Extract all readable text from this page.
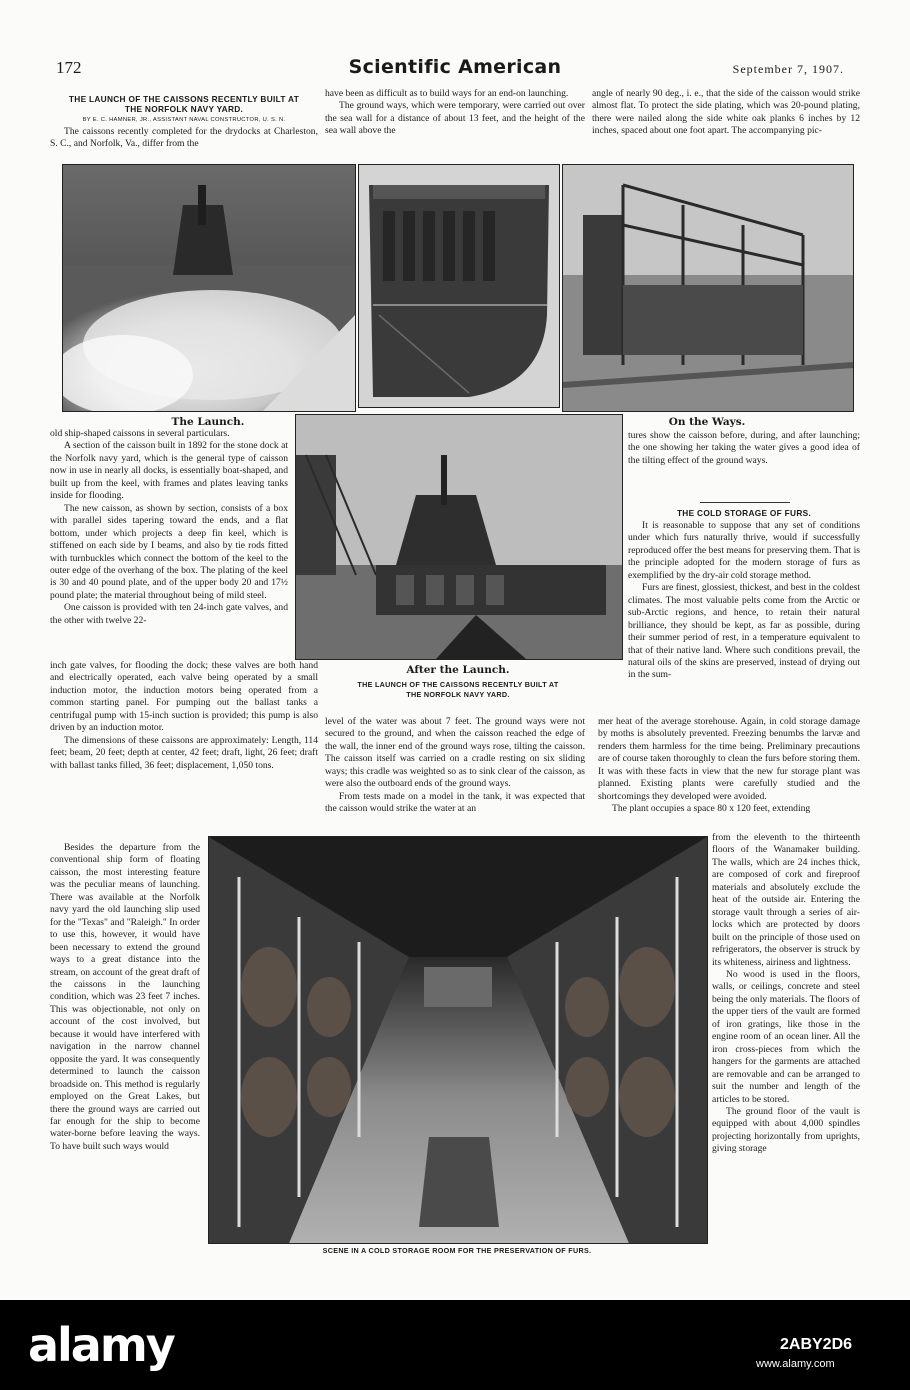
172	Scientific American	September 7, 1907.
THE LAUNCH OF THE CAISSONS RECENTLY BUILT AT
THE NORFOLK NAVY YARD.
BY E. C. HAMNER, JR., ASSISTANT NAVAL CONSTRUCTOR, U. S. N.

The caissons recently completed for the drydocks at Charleston, S. C., and Norfolk, Va., differ from the

have been as difficult as to build ways for an end-on launching.

The ground ways, which were temporary, were carried out over the sea wall for a distance of about 13 feet, and the height of the sea wall above the

angle of nearly 90 deg., i. e., that the side of the caisson would strike almost flat. To protect the side plating, which was 20-pound plating, there were nailed along the side white oak planks 6 inches by 12 inches, spaced about one foot apart. The accompanying pic-

The Launch.	On the Ways.
After the Launch.
THE LAUNCH OF THE CAISSONS RECENTLY BUILT AT
THE NORFOLK NAVY YARD.

old ship-shaped caissons in several particulars.

A section of the caisson built in 1892 for the stone dock at the Norfolk navy yard, which is the general type of caisson now in use in nearly all docks, is essentially boat-shaped, and built up from the keel, with frames and plates leaving tanks inside for flooding.

The new caisson, as shown by section, consists of a box with parallel sides tapering toward the ends, and a flat bottom, under which projects a deep fin keel, which is stiffened on each side by I beams, and also by tie rods fitted with turnbuckles which connect the bottom of the keel to the outer edge of the overhang of the box. The plating of the keel is 30 and 40 pound plate, and of the upper body 20 and 17½ pound plate; the material throughout being of mild steel.

One caisson is provided with ten 24-inch gate valves, and the other with twelve 22-

inch gate valves, for flooding the dock; these valves are both hand and electrically operated, each valve being operated by a small induction motor, the induction motors being operated from a common starting panel. For pumping out the ballast tanks a centrifugal pump with 15-inch suction is provided; this pump is also driven by an induction motor.

The dimensions of these caissons are approximately: Length, 114 feet; beam, 20 feet; depth at center, 42 feet; draft, light, 26 feet; draft with ballast tanks filled, 36 feet; displacement, 1,050 tons.

Besides the departure from the conventional ship form of floating caisson, the most interesting feature was the peculiar means of launching. There was available at the Norfolk navy yard the old launching slip used for the "Texas" and "Raleigh." In order to use this, however, it would have been necessary to extend the ground ways to a great distance into the stream, on account of the great draft of the caissons in the launching condition, which was 23 feet 7 inches. This was objectionable, not only on account of the cost involved, but because it would have interfered with navigation in the narrow channel opposite the yard. It was consequently determined to launch the caisson broadside on. This method is regularly employed on the Great Lakes, but there the ground ways are carried out far enough for the ship to become water-borne before leaving the ways. To have built such ways would

level of the water was about 7 feet. The ground ways were not secured to the ground, and when the caisson reached the edge of the wall, the inner end of the ground ways rose, tilting the caisson. The caisson itself was carried on a cradle resting on six sliding ways; this cradle was weighted so as to sink clear of the caisson, as were also the outboard ends of the ground ways.

From tests made on a model in the tank, it was expected that the caisson would strike the water at an

tures show the caisson before, during, and after launching; the one showing her taking the water gives a good idea of the tilting effect of the ground ways.

THE COLD STORAGE OF FURS.

It is reasonable to suppose that any set of conditions under which furs naturally thrive, would if successfully reproduced offer the best means for preserving them. That is the principle adopted for the modern storage of furs as exemplified by the dry-air cold storage method.

Furs are finest, glossiest, thickest, and best in the coldest climates. The most valuable pelts come from the Arctic or sub-Arctic regions, and hence, to retain their natural brilliance, they should be kept, as far as possible, during their summer period of rest, in a temperature equivalent to that of their native land. Where such conditions prevail, the natural oils of the skins are preserved, instead of drying out in the sum-

mer heat of the average storehouse. Again, in cold storage damage by moths is absolutely prevented. Freezing benumbs the larvæ and renders them harmless for the time being. Preliminary precautions are of course taken thoroughly to clean the furs before storing them. It was with these facts in view that the new fur storage plant was planned. Existing plants were carefully studied and the shortcomings they developed were avoided.

The plant occupies a space 80 x 120 feet, extending

from the eleventh to the thirteenth floors of the Wanamaker building. The walls, which are 24 inches thick, are composed of cork and fireproof materials and absolutely exclude the heat of the outside air. Entering the storage vault through a series of air-locks which are protected by doors built on the principle of those used on refrigerators, the observer is struck by its whiteness, airiness and lightness.

No wood is used in the floors, walls, or ceilings, concrete and steel being the only materials. The floors of the upper tiers of the vault are formed of iron gratings, like those in the engine room of an ocean liner. All the iron cross-pieces from which the hangers for the garments are attached are removable and can be arranged to suit the number and length of the articles to be stored.

The ground floor of the vault is equipped with about 4,000 spindles projecting horizontally from uprights, giving storage

SCENE IN A COLD STORAGE ROOM FOR THE PRESERVATION OF FURS.
alamy	2ABY2D6
www.alamy.com
